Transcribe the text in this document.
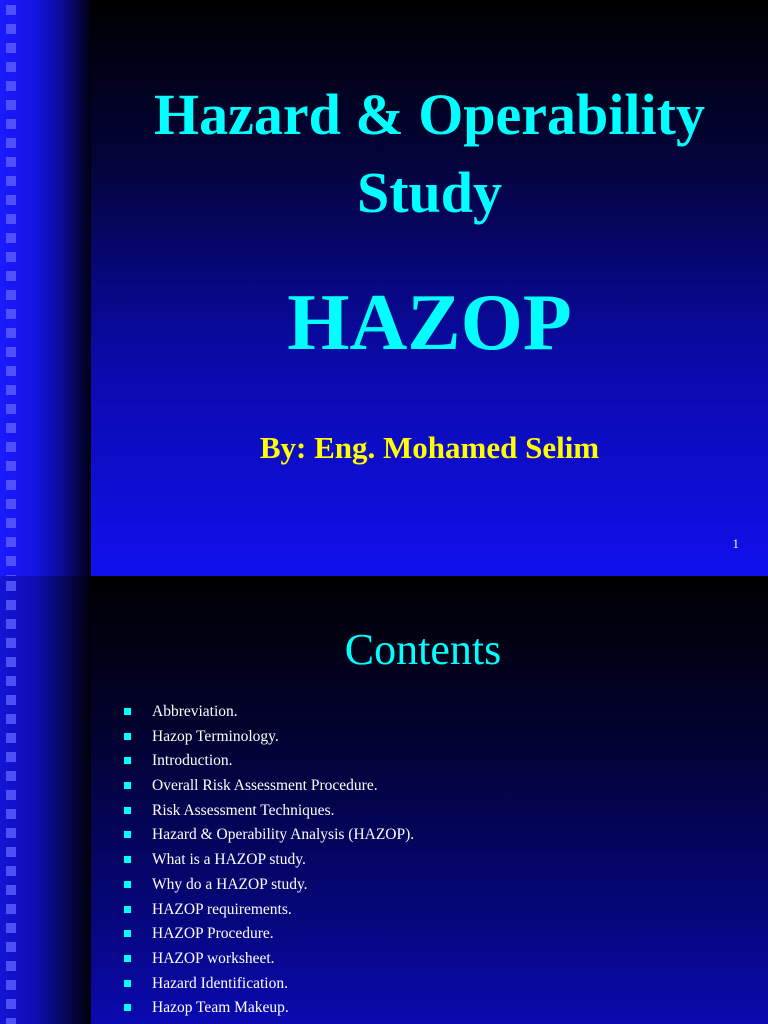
Hazard & Operability
Study
HAZOP
By: Eng. Mohamed Selim
1
Contents
Abbreviation.
Hazop Terminology.
Introduction.
Overall Risk Assessment Procedure.
Risk Assessment Techniques.
Hazard & Operability Analysis (HAZOP).
What is a HAZOP study.
Why do a HAZOP study.
HAZOP requirements.
HAZOP Procedure.
HAZOP worksheet.
Hazard Identification.
Hazop Team Makeup.
